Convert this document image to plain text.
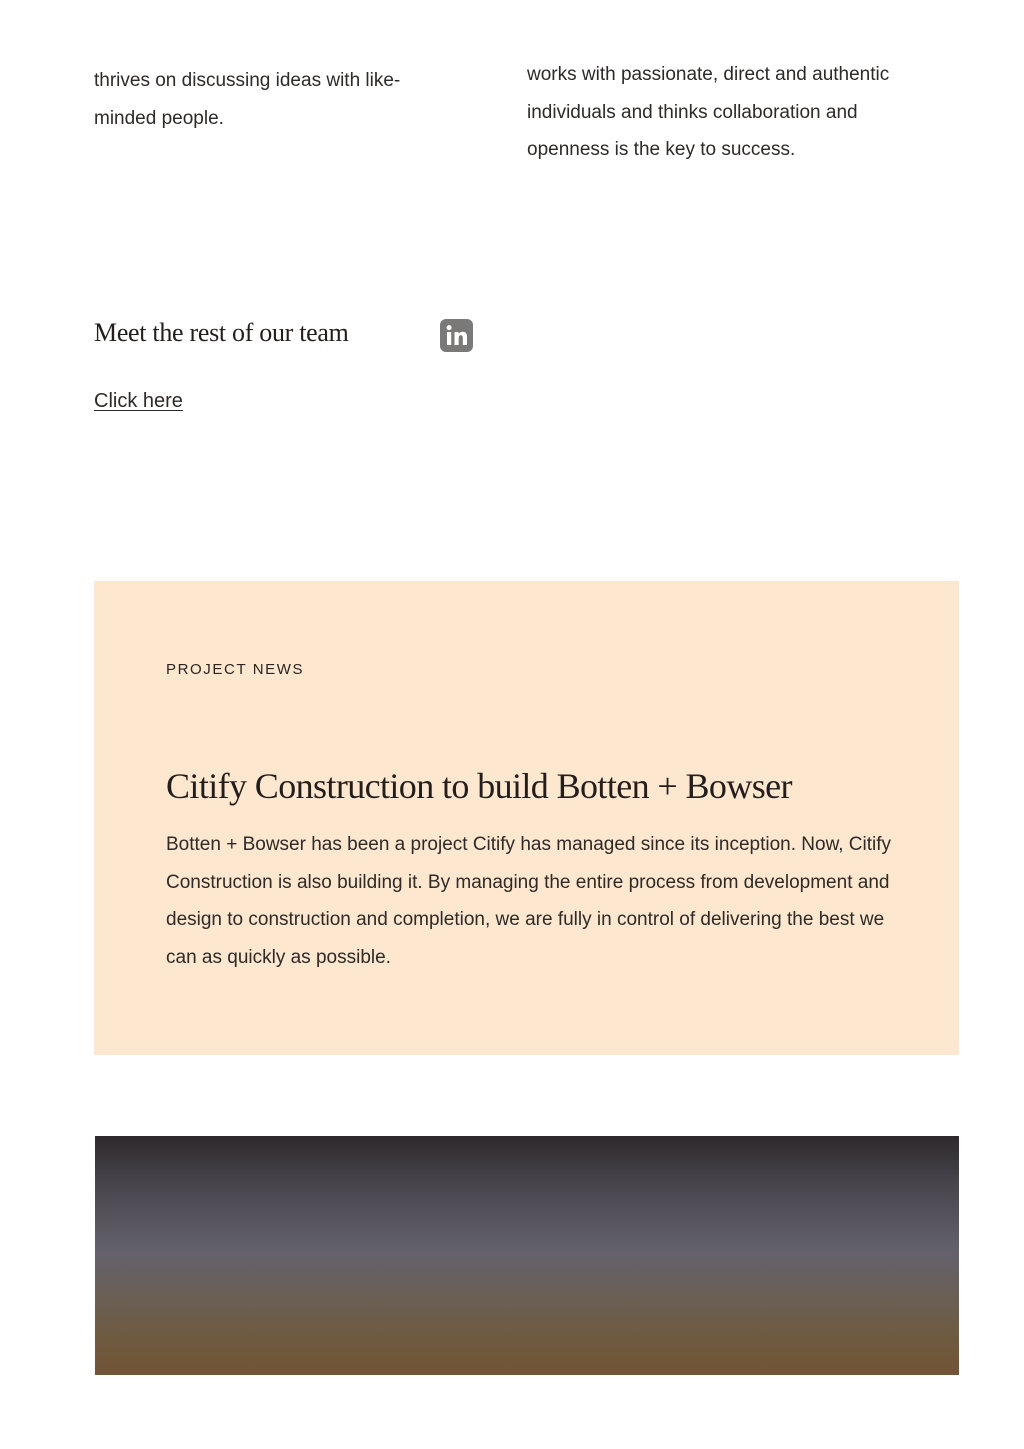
thrives on discussing ideas with like-minded people.

works with passionate, direct and authentic individuals and thinks collaboration and openness is the key to success.

Meet the rest of our team
Click here

PROJECT NEWS

Citify Construction to build Botten + Bowser

Botten + Bowser has been a project Citify has managed since its inception. Now, Citify Construction is also building it. By managing the entire process from development and design to construction and completion, we are fully in control of delivering the best we can as quickly as possible.
